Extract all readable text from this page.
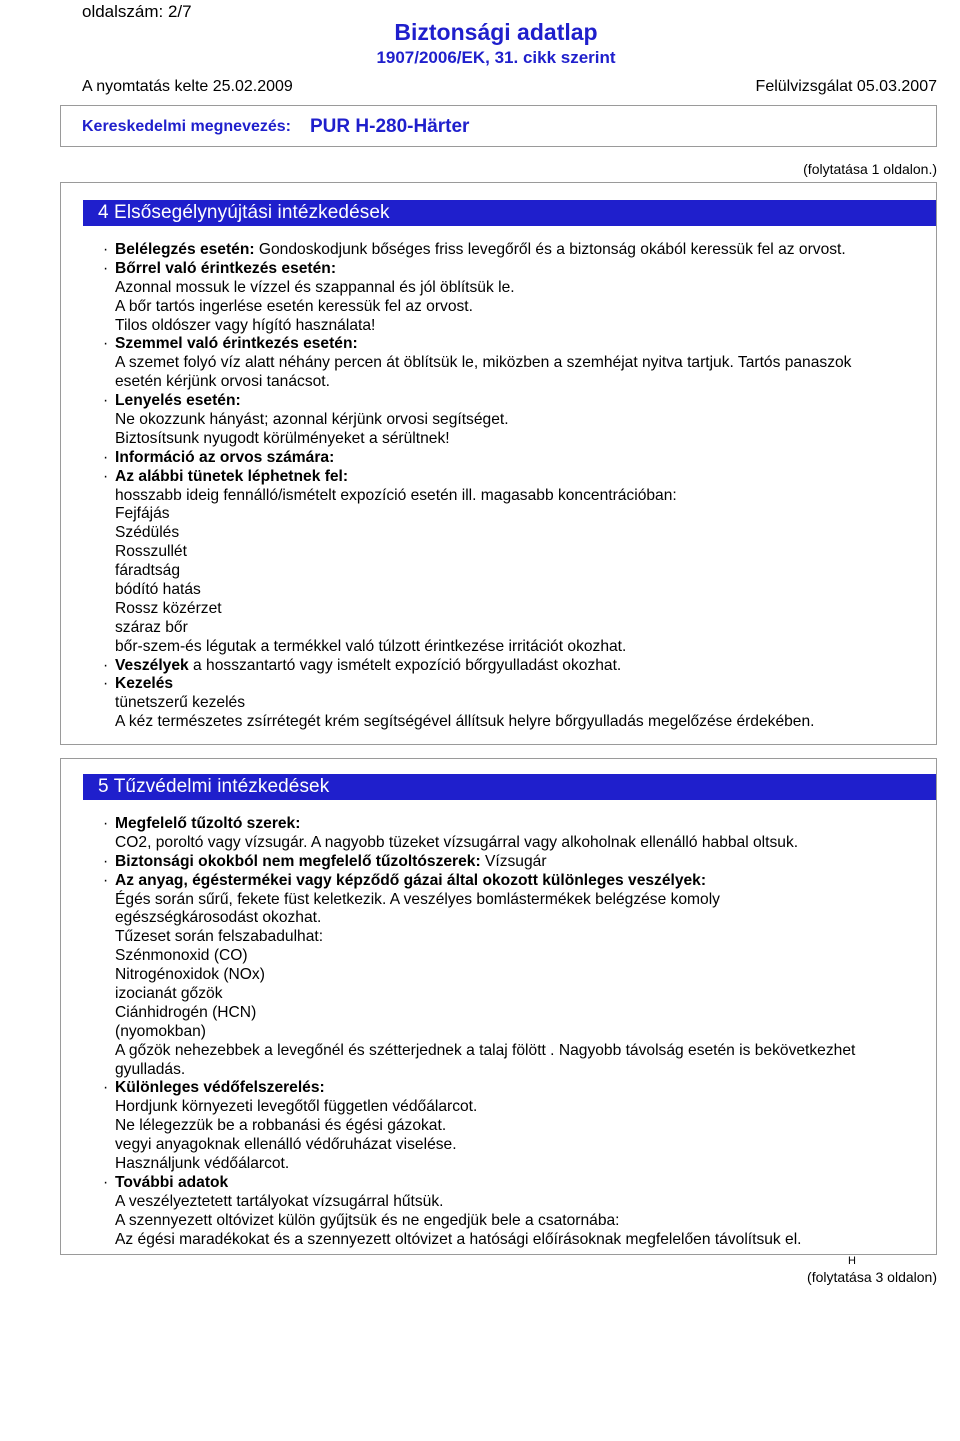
oldalszám: 2/7
Biztonsági adatlap
1907/2006/EK, 31. cikk szerint
A nyomtatás kelte 25.02.2009	Felülvizsgálat 05.03.2007
Kereskedelmi megnevezés: PUR H-280-Härter
(folytatása 1 oldalon.)
4 Elsősegélynyújtási intézkedések
· Belélegzés esetén: Gondoskodjunk bőséges friss levegőről és a biztonság okából keressük fel az orvost.
· Bőrrel való érintkezés esetén:
Azonnal mossuk le vízzel és szappannal és jól öblítsük le.
A bőr tartós ingerlése esetén keressük fel az orvost.
Tilos oldószer vagy hígító használata!
· Szemmel való érintkezés esetén:
A szemet folyó víz alatt néhány percen át öblítsük le, miközben a szemhéjat nyitva tartjuk. Tartós panaszok
esetén kérjünk orvosi tanácsot.
· Lenyelés esetén:
Ne okozzunk hányást; azonnal kérjünk orvosi segítséget.
Biztosítsunk nyugodt körülményeket a sérültnek!
· Információ az orvos számára:
· Az alábbi tünetek léphetnek fel:
hosszabb ideig fennálló/ismételt expozíció esetén ill. magasabb koncentrációban:
Fejfájás
Szédülés
Rosszullét
fáradtság
bódító hatás
Rossz közérzet
száraz bőr
bőr-szem-és légutak a termékkel való túlzott érintkezése irritációt okozhat.
· Veszélyek a hosszantartó vagy ismételt expozíció bőrgyulladást okozhat.
· Kezelés
tünetszerű kezelés
A kéz természetes zsírrétegét krém segítségével állítsuk helyre bőrgyulladás megelőzése érdekében.
5 Tűzvédelmi intézkedések
· Megfelelő tűzoltó szerek:
CO2, poroltó vagy vízsugár. A nagyobb tüzeket vízsugárral vagy alkoholnak ellenálló habbal oltsuk.
· Biztonsági okokból nem megfelelő tűzoltószerek: Vízsugár
· Az anyag, égéstermékei vagy képződő gázai által okozott különleges veszélyek:
Égés során sűrű, fekete füst keletkezik. A veszélyes bomlástermékek belégzése komoly
egészségkárosodást okozhat.
Tűzeset során felszabadulhat:
Szénmonoxid (CO)
Nitrogénoxidok (NOx)
izocianát gőzök
Ciánhidrogén (HCN)
(nyomokban)
A gőzök nehezebbek a levegőnél és szétterjednek a talaj fölött . Nagyobb távolság esetén is bekövetkezhet
gyulladás.
· Különleges védőfelszerelés:
Hordjunk környezeti levegőtől független védőálarcot.
Ne lélegezzük be a robbanási és égési gázokat.
vegyi anyagoknak ellenálló védőruházat viselése.
Használjunk védőálarcot.
· További adatok
A veszélyeztetett tartályokat vízsugárral hűtsük.
A szennyezett oltóvizet külön gyűjtsük és ne engedjük bele a csatornába:
Az égési maradékokat és a szennyezett oltóvizet a hatósági előírásoknak megfelelően távolítsuk el.
H
(folytatása 3 oldalon)
